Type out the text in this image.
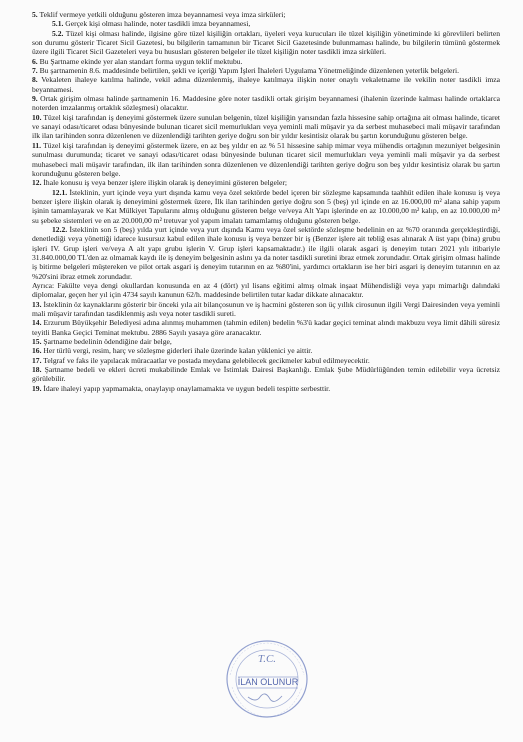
5. Teklif vermeye yetkili olduğunu gösteren imza beyannamesi veya imza sirküleri;

5.1. Gerçek kişi olması halinde, noter tasdikli imza beyannamesi,

5.2. Tüzel kişi olması halinde, ilgisine göre tüzel kişiliğin ortakları, üyeleri veya kurucuları ile tüzel kişiliğin yönetiminde ki görevlileri belirten son durumu gösterir Ticaret Sicil Gazetesi, bu bilgilerin tamamının bir Ticaret Sicil Gazetesinde bulunmaması halinde, bu bilgilerin tümünü göstermek üzere ilgili Ticaret Sicil Gazeteleri veya bu hususları gösteren belgeler ile tüzel kişiliğin noter tasdikli imza sirküleri.

6. Bu Şartname ekinde yer alan standart forma uygun teklif mektubu.

7. Bu şartnamenin 8.6. maddesinde belirtilen, şekli ve içeriği Yapım İşleri İhaleleri Uygulama Yönetmeliğinde düzenlenen yeterlik belgeleri.

8. Vekaleten ihaleye katılma halinde, vekil adına düzenlenmiş, ihaleye katılmaya ilişkin noter onaylı vekaletname ile vekilin noter tasdikli imza beyannamesi.

9. Ortak girişim olması halinde şartnamenin 16. Maddesine göre noter tasdikli ortak girişim beyannamesi (ihalenin üzerinde kalması halinde ortaklarca noterden imzalanmış ortaklık sözleşmesi) olacaktır.

10. Tüzel kişi tarafından iş deneyimi göstermek üzere sunulan belgenin, tüzel kişiliğin yarısından fazla hissesine sahip ortağına ait olması halinde, ticaret ve sanayi odası/ticaret odası bünyesinde bulunan ticaret sicil memurlukları veya yeminli mali müşavir ya da serbest muhasebeci mali müşavir tarafından ilk ilan tarihinden sonra düzenlenen ve düzenlendiği tarihten geriye doğru son bir yıldır kesintisiz olarak bu şartın korunduğunu gösteren belge.

11. Tüzel kişi tarafından iş deneyimi göstermek üzere, en az beş yıldır en az % 51 hissesine sahip mimar veya mühendis ortağının mezuniyet belgesinin sunulması durumunda; ticaret ve sanayi odası/ticaret odası bünyesinde bulunan ticaret sicil memurlukları veya yeminli mali müşavir ya da serbest muhasebeci mali müşavir tarafından, ilk ilan tarihinden sonra düzenlenen ve düzenlendiği tarihten geriye doğru son beş yıldır kesintisiz olarak bu şartın korunduğunu gösteren belge.

12. İhale konusu iş veya benzer işlere ilişkin olarak iş deneyimini gösteren belgeler;

12.1. İsteklinin, yurt içinde veya yurt dışında kamu veya özel sektörde bedel içeren bir sözleşme kapsamında taahhüt edilen ihale konusu iş veya benzer işlere ilişkin olarak iş deneyimini göstermek üzere, İlk ilan tarihinden geriye doğru son 5 (beş) yıl içinde en az 16.000,00 m² alana sahip yapım işinin tamamlayarak ve Kat Mülkiyet Tapularını almış olduğunu gösteren belge ve/veya Alt Yapı işlerinde en az 10.000,00 m² kalıp, en az 10.000,00 m² su şebeke sistemleri ve en az 20.000,00 m² tretuvar yol yapım imalatı tamamlamış olduğunu gösteren belge.

12.2. İsteklinin son 5 (beş) yılda yurt içinde veya yurt dışında Kamu veya özel sektörde sözleşme bedelinin en az %70 oranında gerçekleştirdiği, denetlediği veya yönettiği idarece kusursuz kabul edilen ihale konusu iş veya benzer bir iş (Benzer işlere ait tebliğ esas alınarak A üst yapı (bina) grubu işleri IV. Grup işleri ve/veya A alt yapı grubu işlerin V. Grup işleri kapsamaktadır.) ile ilgili olarak asgari iş deneyim tutarı 2021 yılı itibariyle 31.840.000,00 TL'den az olmamak kaydı ile iş deneyim belgesinin aslını ya da noter tasdikli suretini ibraz etmek zorundadır. Ortak girişim olması halinde iş bitirme belgeleri müştereken ve pilot ortak asgari iş deneyim tutarının en az %80'ini, yardımcı ortakların ise her biri asgari iş deneyim tutarının en az %20'sini ibraz etmek zorundadır.

Ayrıca: Fakülte veya dengi okullardan konusunda en az 4 (dört) yıl lisans eğitimi almış olmak inşaat Mühendisliği veya yapı mimarlığı dalındaki diplomalar, geçen her yıl için 4734 sayılı kanunun 62/h. maddesinde belirtilen tutar kadar dikkate alınacaktır.

13. İsteklinin öz kaynaklarını gösterir bir önceki yıla ait bilançosunun ve iş hacmini gösteren son üç yıllık cirosunun ilgili Vergi Dairesinden veya yeminli mali müşavir tarafından tasdiklenmiş aslı veya noter tasdikli sureti.

14. Erzurum Büyükşehir Belediyesi adına alınmış muhammen (tahmin edilen) bedelin %3'ü kadar geçici teminat alındı makbuzu veya limit dâhili süresiz teyitli Banka Geçici Teminat mektubu. 2886 Sayılı yasaya göre aranacaktır.

15. Şartname bedelinin ödendiğine dair belge,

16. Her türlü vergi, resim, harç ve sözleşme giderleri ihale üzerinde kalan yüklenici ye aittir.

17. Telgraf ve faks ile yapılacak müracaatlar ve postada meydana gelebilecek gecikmeler kabul edilmeyecektir.

18. Şartname bedeli ve ekleri ücreti mukabilinde Emlak ve İstimlak Dairesi Başkanlığı. Emlak Şube Müdürlüğünden temin edilebilir veya ücretsiz görülebilir.

19. İdare ihaleyi yapıp yapmamakta, onaylayıp onaylamamakta ve uygun bedeli tespitte serbesttir.

T.C.
İLAN OLUNUR
